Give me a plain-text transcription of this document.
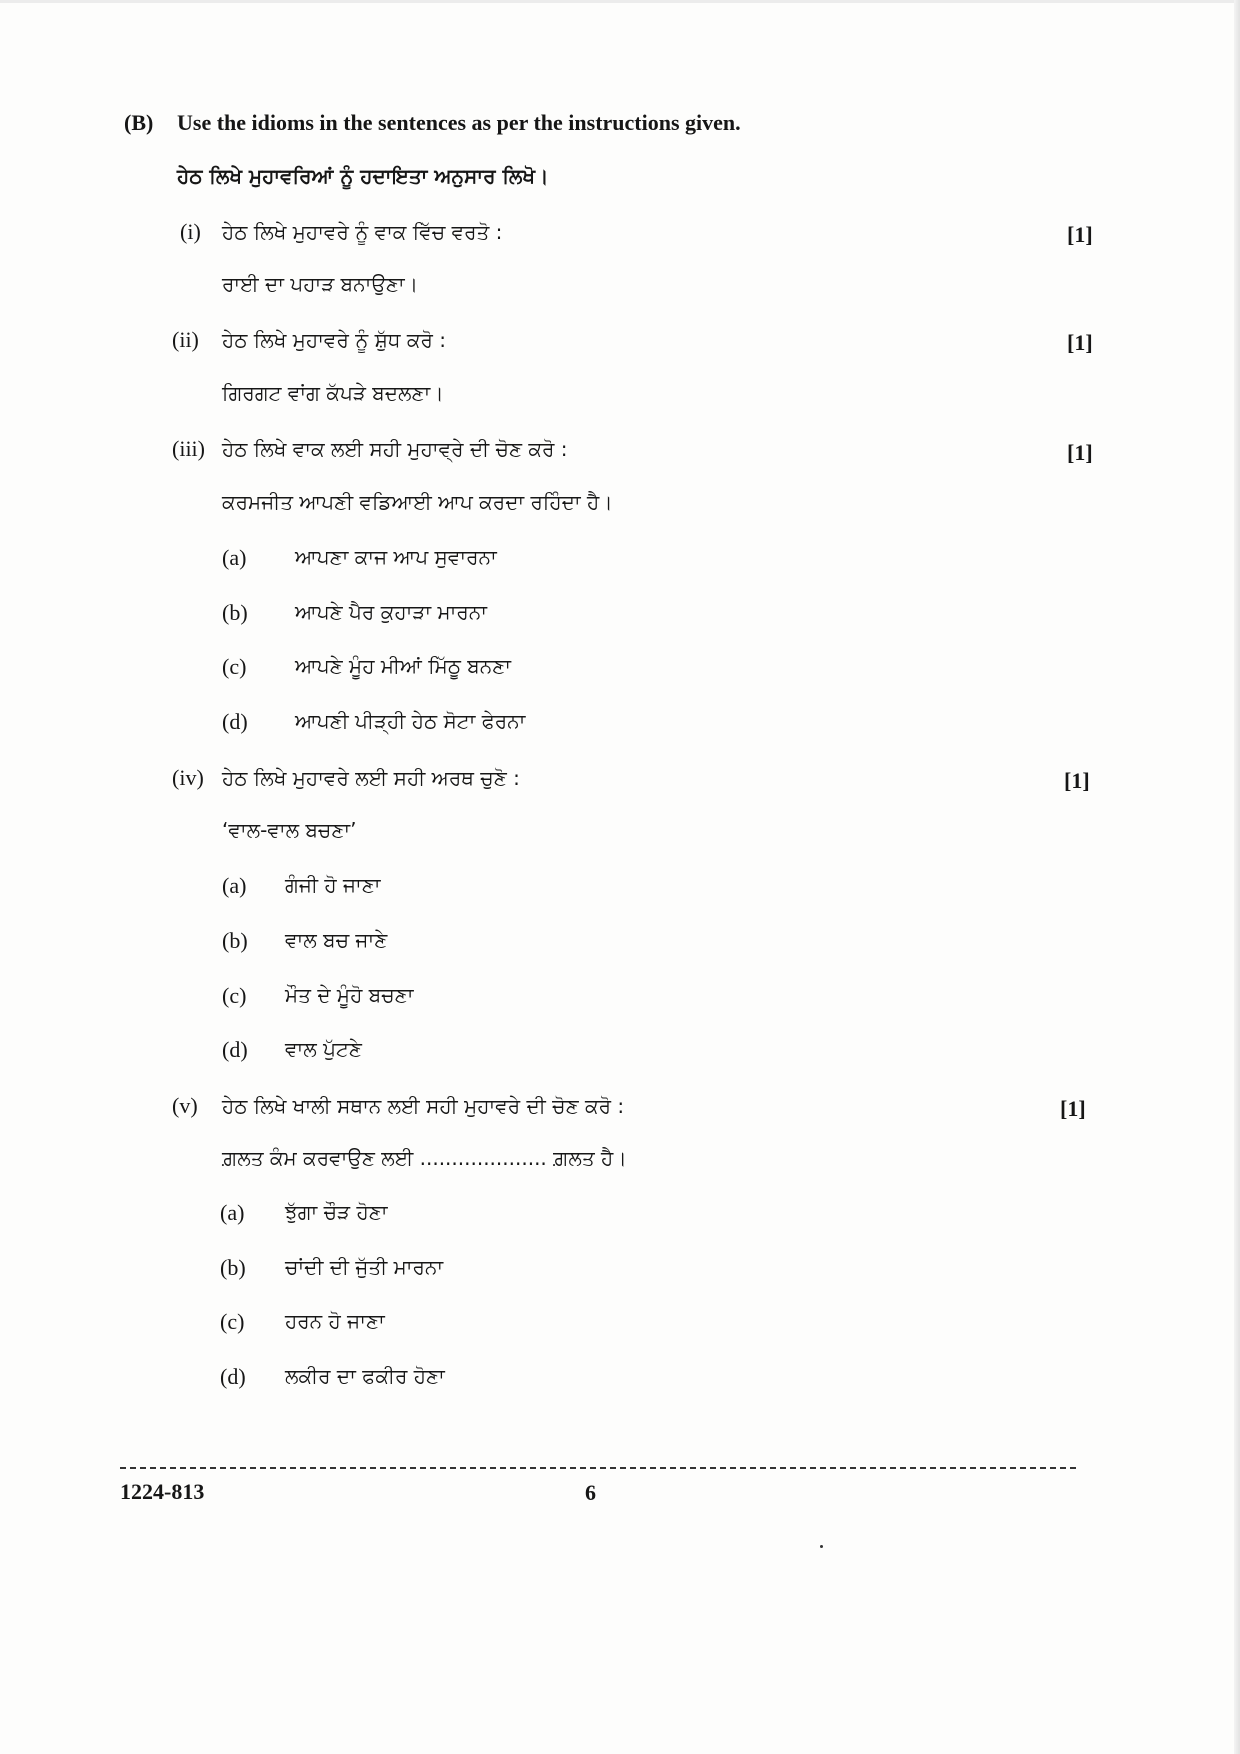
(B) Use the idioms in the sentences as per the instructions given.
ਹੇਠ ਲਿਖੇ ਮੁਹਾਵਰਿਆਂ ਨੂੰ ਹਦਾਇਤਾ ਅਨੁਸਾਰ ਲਿਖੋ।
(i) ਹੇਠ ਲਿਖੇ ਮੁਹਾਵਰੇ ਨੂੰ ਵਾਕ ਵਿੱਚ ਵਰਤੋ :	[1]
ਰਾਈ ਦਾ ਪਹਾੜ ਬਨਾਉਣਾ।
(ii) ਹੇਠ ਲਿਖੇ ਮੁਹਾਵਰੇ ਨੂੰ ਸ਼ੁੱਧ ਕਰੋ :	[1]
ਗਿਰਗਟ ਵਾਂਗ ਕੱਪੜੇ ਬਦਲਣਾ।
(iii) ਹੇਠ ਲਿਖੇ ਵਾਕ ਲਈ ਸਹੀ ਮੁਹਾਵ੍ਰੇ ਦੀ ਚੋਣ ਕਰੋ :	[1]
ਕਰਮਜੀਤ ਆਪਣੀ ਵਡਿਆਈ ਆਪ ਕਰਦਾ ਰਹਿੰਦਾ ਹੈ।
(a) ਆਪਣਾ ਕਾਜ ਆਪ ਸੁਵਾਰਨਾ
(b) ਆਪਣੇ ਪੈਰ ਕੁਹਾੜਾ ਮਾਰਨਾ
(c) ਆਪਣੇ ਮੂੰਹ ਮੀਆਂ ਮਿੱਠੂ ਬਨਣਾ
(d) ਆਪਣੀ ਪੀੜ੍ਹੀ ਹੇਠ ਸੋਟਾ ਫੇਰਨਾ
(iv) ਹੇਠ ਲਿਖੇ ਮੁਹਾਵਰੇ ਲਈ ਸਹੀ ਅਰਥ ਚੁਣੋ :	[1]
‘ਵਾਲ-ਵਾਲ ਬਚਣਾ’
(a) ਗੰਜੀ ਹੋ ਜਾਣਾ
(b) ਵਾਲ ਬਚ ਜਾਣੇ
(c) ਮੌਤ ਦੇ ਮੂੰਹੋ ਬਚਣਾ
(d) ਵਾਲ ਪੁੱਟਣੇ
(v) ਹੇਠ ਲਿਖੇ ਖਾਲੀ ਸਥਾਨ ਲਈ ਸਹੀ ਮੁਹਾਵਰੇ ਦੀ ਚੋਣ ਕਰੋ :	[1]
ਗ਼ਲਤ ਕੰਮ ਕਰਵਾਉਣ ਲਈ .................... ਗ਼ਲਤ ਹੈ।
(a) ਝੁੱਗਾ ਚੌੜ ਹੋਣਾ
(b) ਚਾਂਦੀ ਦੀ ਜੁੱਤੀ ਮਾਰਨਾ
(c) ਹਰਨ ਹੋ ਜਾਣਾ
(d) ਲਕੀਰ ਦਾ ਫਕੀਰ ਹੋਣਾ
1224-813	6
